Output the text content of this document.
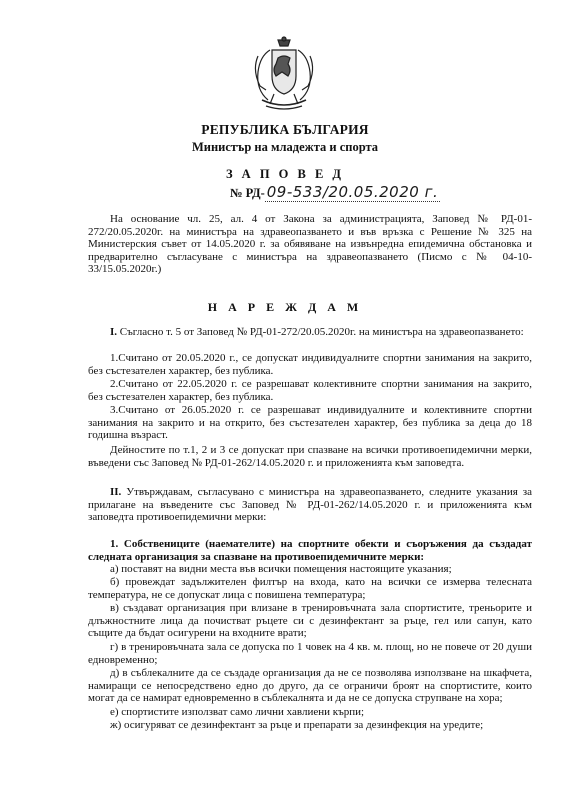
РЕПУБЛИКА БЪЛГАРИЯ
Министър на младежта и спорта
З А П О В Е Д
№ РД- 09-533/20.05.2020 г.
На основание чл. 25, ал. 4 от Закона за администрацията, Заповед № РД-01-272/20.05.2020г. на министъра на здравеопазването и във връзка с Решение № 325 на Министерския съвет от 14.05.2020 г. за обявяване на извънредна епидемична обстановка и предварително съгласуване с министъра на здравеопазването (Писмо с № 04-10-33/15.05.2020г.)
Н А Р Е Ж Д А М
I. Съгласно т. 5 от Заповед № РД-01-272/20.05.2020г. на министъра на здравеопазването:
1.Считано от 20.05.2020 г., се допускат индивидуалните спортни занимания на закрито, без състезателен характер, без публика.
2.Считано от 22.05.2020 г. се разрешават колективните спортни занимания на закрито, без състезателен характер, без публика.
3.Считано от 26.05.2020 г. се разрешават индивидуалните и колективните спортни занимания на закрито и на открито, без състезателен характер, без публика за деца до 18 годишна възраст.
Дейностите по т.1, 2 и 3 се допускат при спазване на всички противоепидемични мерки, въведени със Заповед № РД-01-262/14.05.2020 г. и приложенията към заповедта.
II. Утвърждавам, съгласувано с министъра на здравеопазването, следните указания за прилагане на въведените със Заповед № РД-01-262/14.05.2020 г. и приложенията към заповедта противоепидемични мерки:
1. Собствениците (наемателите) на спортните обекти и съоръжения да създадат следната организация за спазване на противоепидемичните мерки:
а) поставят на видни места във всички помещения настоящите указания;
б) провеждат задължителен филтър на входа, като на всички се измерва телесната температура, не се допускат лица с повишена температура;
в) създават организация при влизане в тренировъчната зала спортистите, треньорите и длъжностните лица да почистват ръцете си с дезинфектант за ръце, гел или сапун, като същите да бъдат осигурени на входните врати;
г) в тренировъчната зала се допуска по 1 човек на 4 кв. м. площ, но не повече от 20 души едновременно;
д) в съблекалните да се създаде организация да не се позволява използване на шкафчета, намиращи се непосредствено едно до друго, да се ограничи броят на спортистите, които могат да се намират едновременно в съблекалнята и да не се допуска струпване на хора;
е) спортистите използват само лични хавлиени кърпи;
ж) осигуряват се дезинфектант за ръце и препарати за дезинфекция на уредите;
